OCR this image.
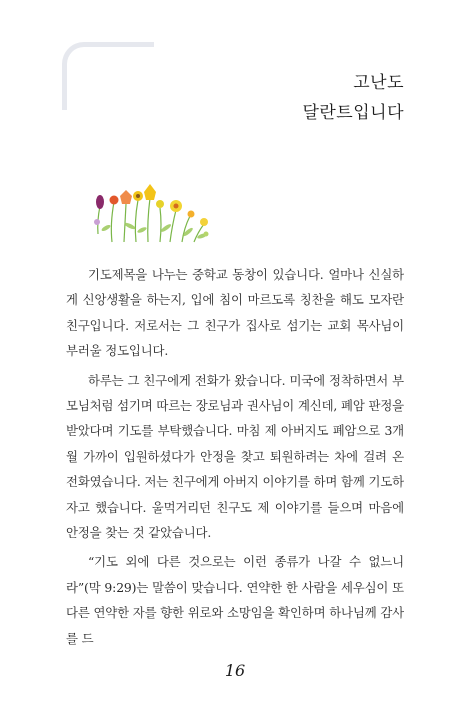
고난도
달란트입니다

기도제목을 나누는 중학교 동창이 있습니다. 얼마나 신실하게 신앙생활을 하는지, 입에 침이 마르도록 칭찬을 해도 모자란 친구입니다. 저로서는 그 친구가 집사로 섬기는 교회 목사님이 부러울 정도입니다.

하루는 그 친구에게 전화가 왔습니다. 미국에 정착하면서 부모님처럼 섬기며 따르는 장로님과 권사님이 계신데, 폐암 판정을 받았다며 기도를 부탁했습니다. 마침 제 아버지도 폐암으로 3개월 가까이 입원하셨다가 안정을 찾고 퇴원하려는 차에 걸려 온 전화였습니다. 저는 친구에게 아버지 이야기를 하며 함께 기도하자고 했습니다. 울먹거리던 친구도 제 이야기를 들으며 마음에 안정을 찾는 것 같았습니다.

“기도 외에 다른 것으로는 이런 종류가 나갈 수 없느니라”(막 9:29)는 말씀이 맞습니다. 연약한 한 사람을 세우심이 또 다른 연약한 자를 향한 위로와 소망임을 확인하며 하나님께 감사를 드

16
